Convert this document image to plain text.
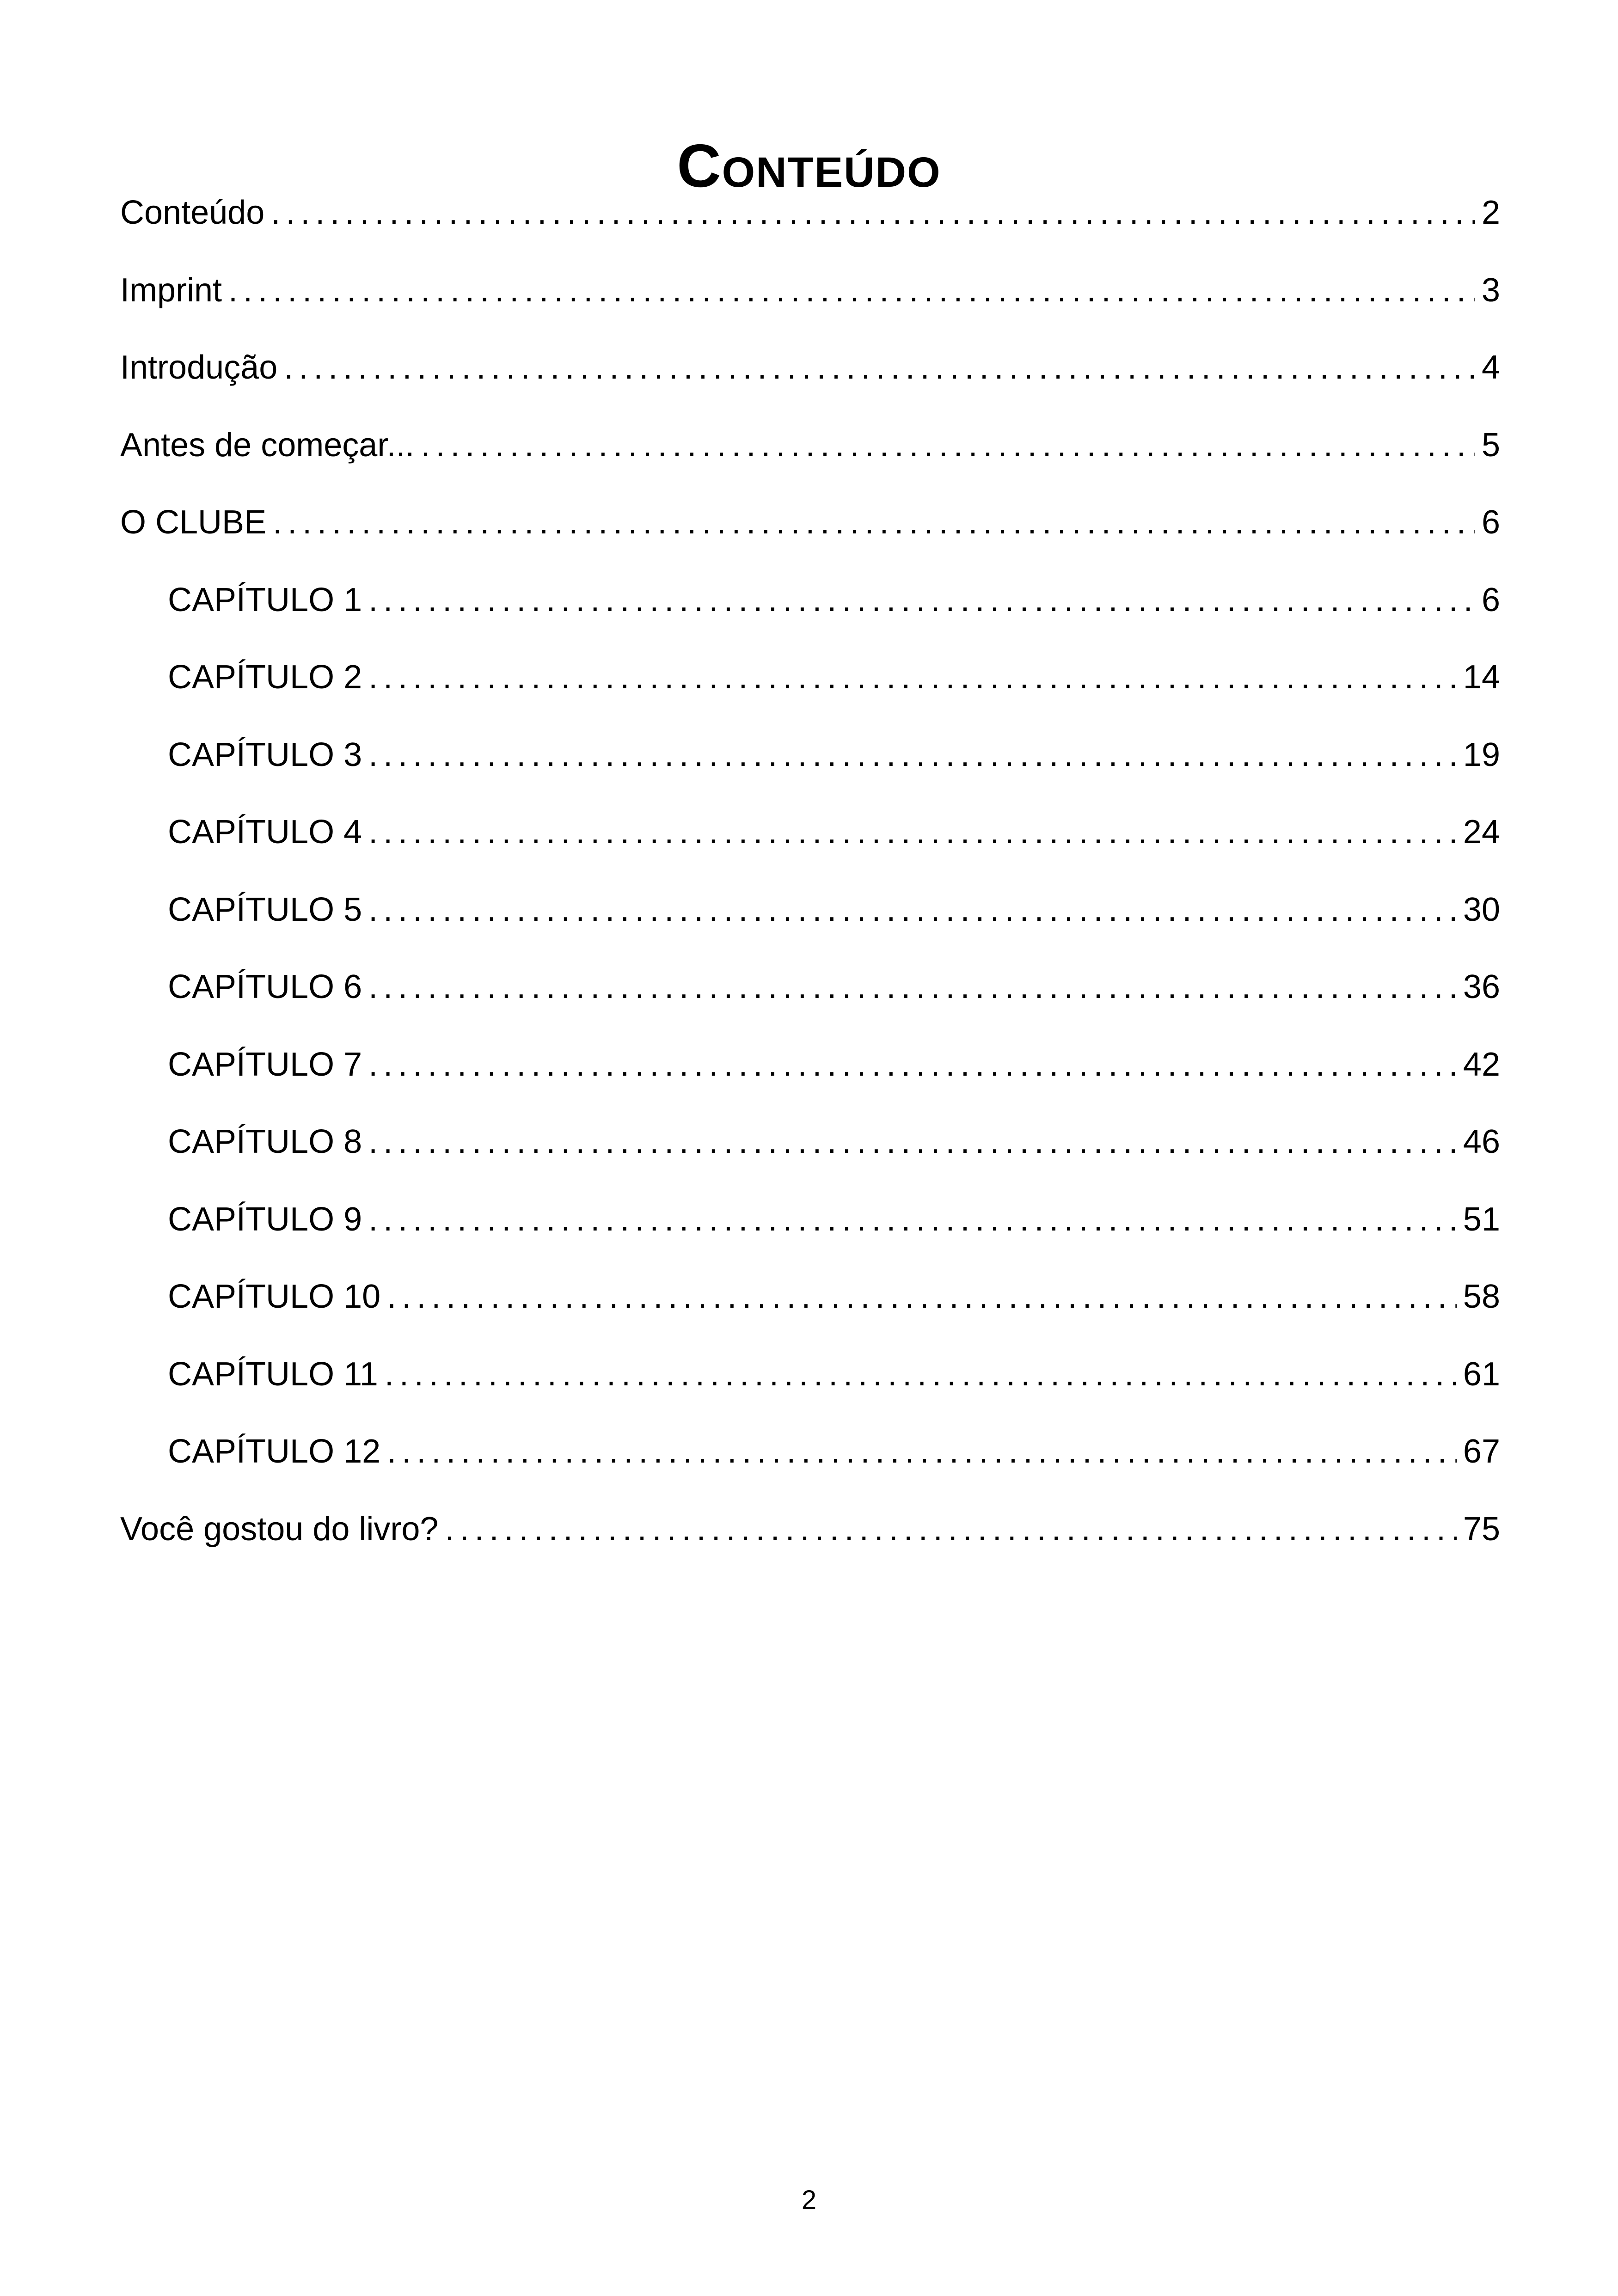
Conteúdo
Conteúdo . . .	2
Imprint . . .	3
Introdução . . .	4
Antes de começar... . . .	5
O CLUBE . . .	6
CAPÍTULO 1 . . .	6
CAPÍTULO 2 . . .	14
CAPÍTULO 3 . . .	19
CAPÍTULO 4 . . .	24
CAPÍTULO 5 . . .	30
CAPÍTULO 6 . . .	36
CAPÍTULO 7 . . .	42
CAPÍTULO 8 . . .	46
CAPÍTULO 9 . . .	51
CAPÍTULO 10 . . .	58
CAPÍTULO 11 . . .	61
CAPÍTULO 12 . . .	67
Você gostou do livro? . . .	75
2
